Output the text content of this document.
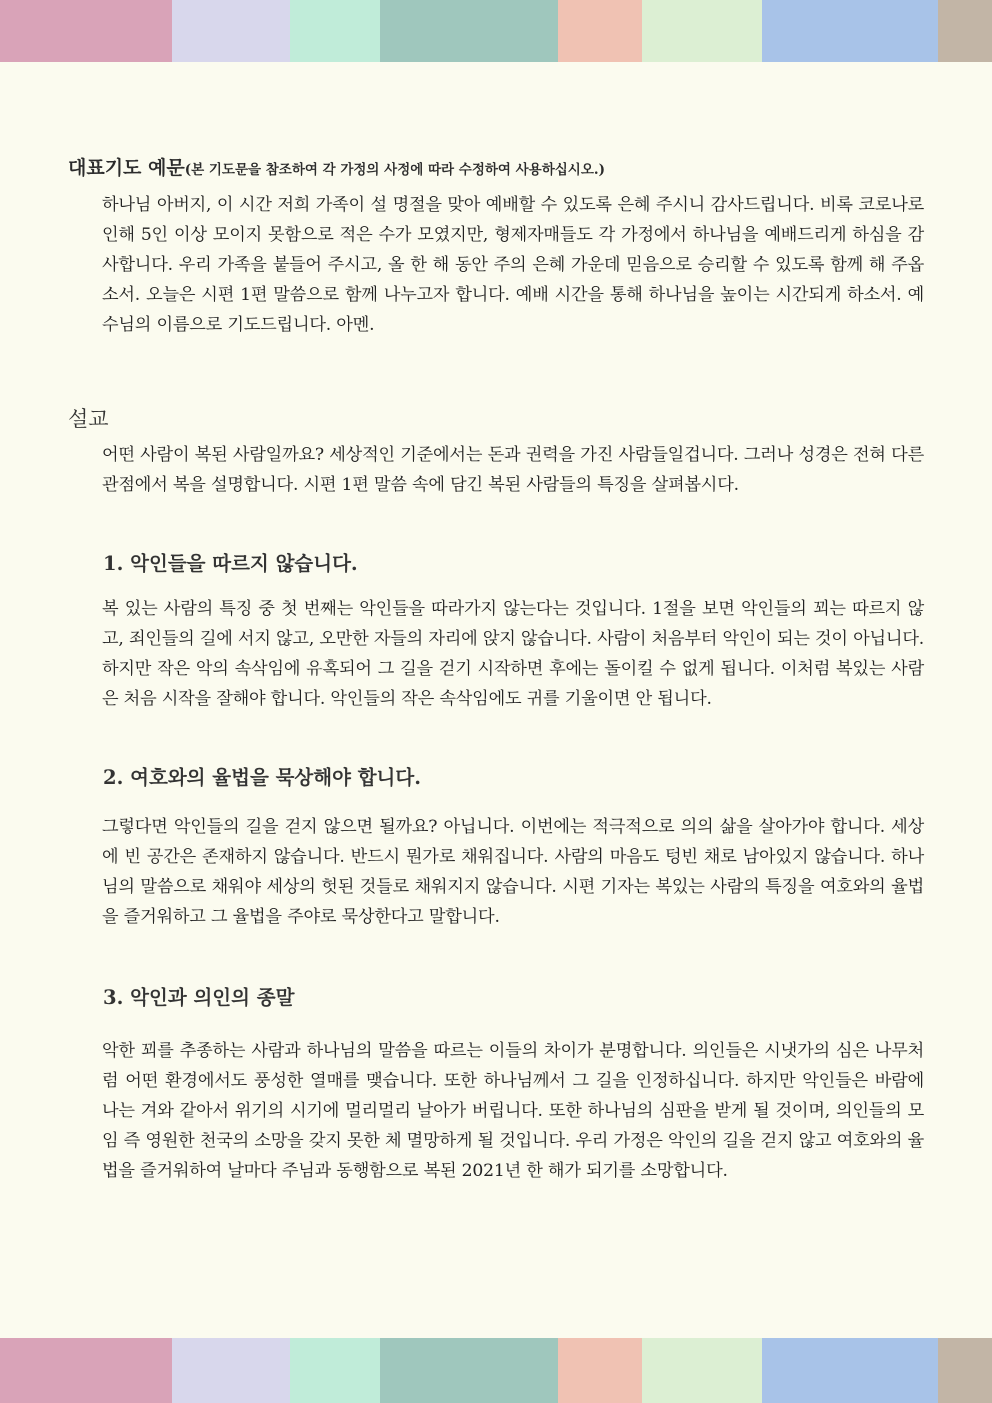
대표기도 예문(본 기도문을 참조하여 각 가정의 사정에 따라 수정하여 사용하십시오.)
하나님 아버지, 이 시간 저희 가족이 설 명절을 맞아 예배할 수 있도록 은혜 주시니 감사드립니다. 비록 코로나로 인해 5인 이상 모이지 못함으로 적은 수가 모였지만, 형제자매들도 각 가정에서 하나님을 예배드리게 하심을 감사합니다. 우리 가족을 붙들어 주시고, 올 한 해 동안 주의 은혜 가운데 믿음으로 승리할 수 있도록 함께 해 주옵소서. 오늘은 시편 1편 말씀으로 함께 나누고자 합니다. 예배 시간을 통해 하나님을 높이는 시간되게 하소서. 예수님의 이름으로 기도드립니다. 아멘.
설교
어떤 사람이 복된 사람일까요? 세상적인 기준에서는 돈과 권력을 가진 사람들일겁니다. 그러나 성경은 전혀 다른 관점에서 복을 설명합니다. 시편 1편 말씀 속에 담긴 복된 사람들의 특징을 살펴봅시다.
1. 악인들을 따르지 않습니다.
복 있는 사람의 특징 중 첫 번째는 악인들을 따라가지 않는다는 것입니다. 1절을 보면 악인들의 꾀는 따르지 않고, 죄인들의 길에 서지 않고, 오만한 자들의 자리에 앉지 않습니다. 사람이 처음부터 악인이 되는 것이 아닙니다. 하지만 작은 악의 속삭임에 유혹되어 그 길을 걷기 시작하면 후에는 돌이킬 수 없게 됩니다. 이처럼 복있는 사람은 처음 시작을 잘해야 합니다. 악인들의 작은 속삭임에도 귀를 기울이면 안 됩니다.
2. 여호와의 율법을 묵상해야 합니다.
그렇다면 악인들의 길을 걷지 않으면 될까요? 아닙니다. 이번에는 적극적으로 의의 삶을 살아가야 합니다. 세상에 빈 공간은 존재하지 않습니다. 반드시 뭔가로 채워집니다. 사람의 마음도 텅빈 채로 남아있지 않습니다. 하나님의 말씀으로 채워야 세상의 헛된 것들로 채워지지 않습니다. 시편 기자는 복있는 사람의 특징을 여호와의 율법을 즐거워하고 그 율법을 주야로 묵상한다고 말합니다.
3. 악인과 의인의 종말
악한 꾀를 추종하는 사람과 하나님의 말씀을 따르는 이들의 차이가 분명합니다. 의인들은 시냇가의 심은 나무처럼 어떤 환경에서도 풍성한 열매를 맺습니다. 또한 하나님께서 그 길을 인정하십니다. 하지만 악인들은 바람에 나는 겨와 같아서 위기의 시기에 멀리멀리 날아가 버립니다. 또한 하나님의 심판을 받게 될 것이며, 의인들의 모임 즉 영원한 천국의 소망을 갖지 못한 체 멸망하게 될 것입니다. 우리 가정은 악인의 길을 걷지 않고 여호와의 율법을 즐거워하여 날마다 주님과 동행함으로 복된 2021년 한 해가 되기를 소망합니다.
